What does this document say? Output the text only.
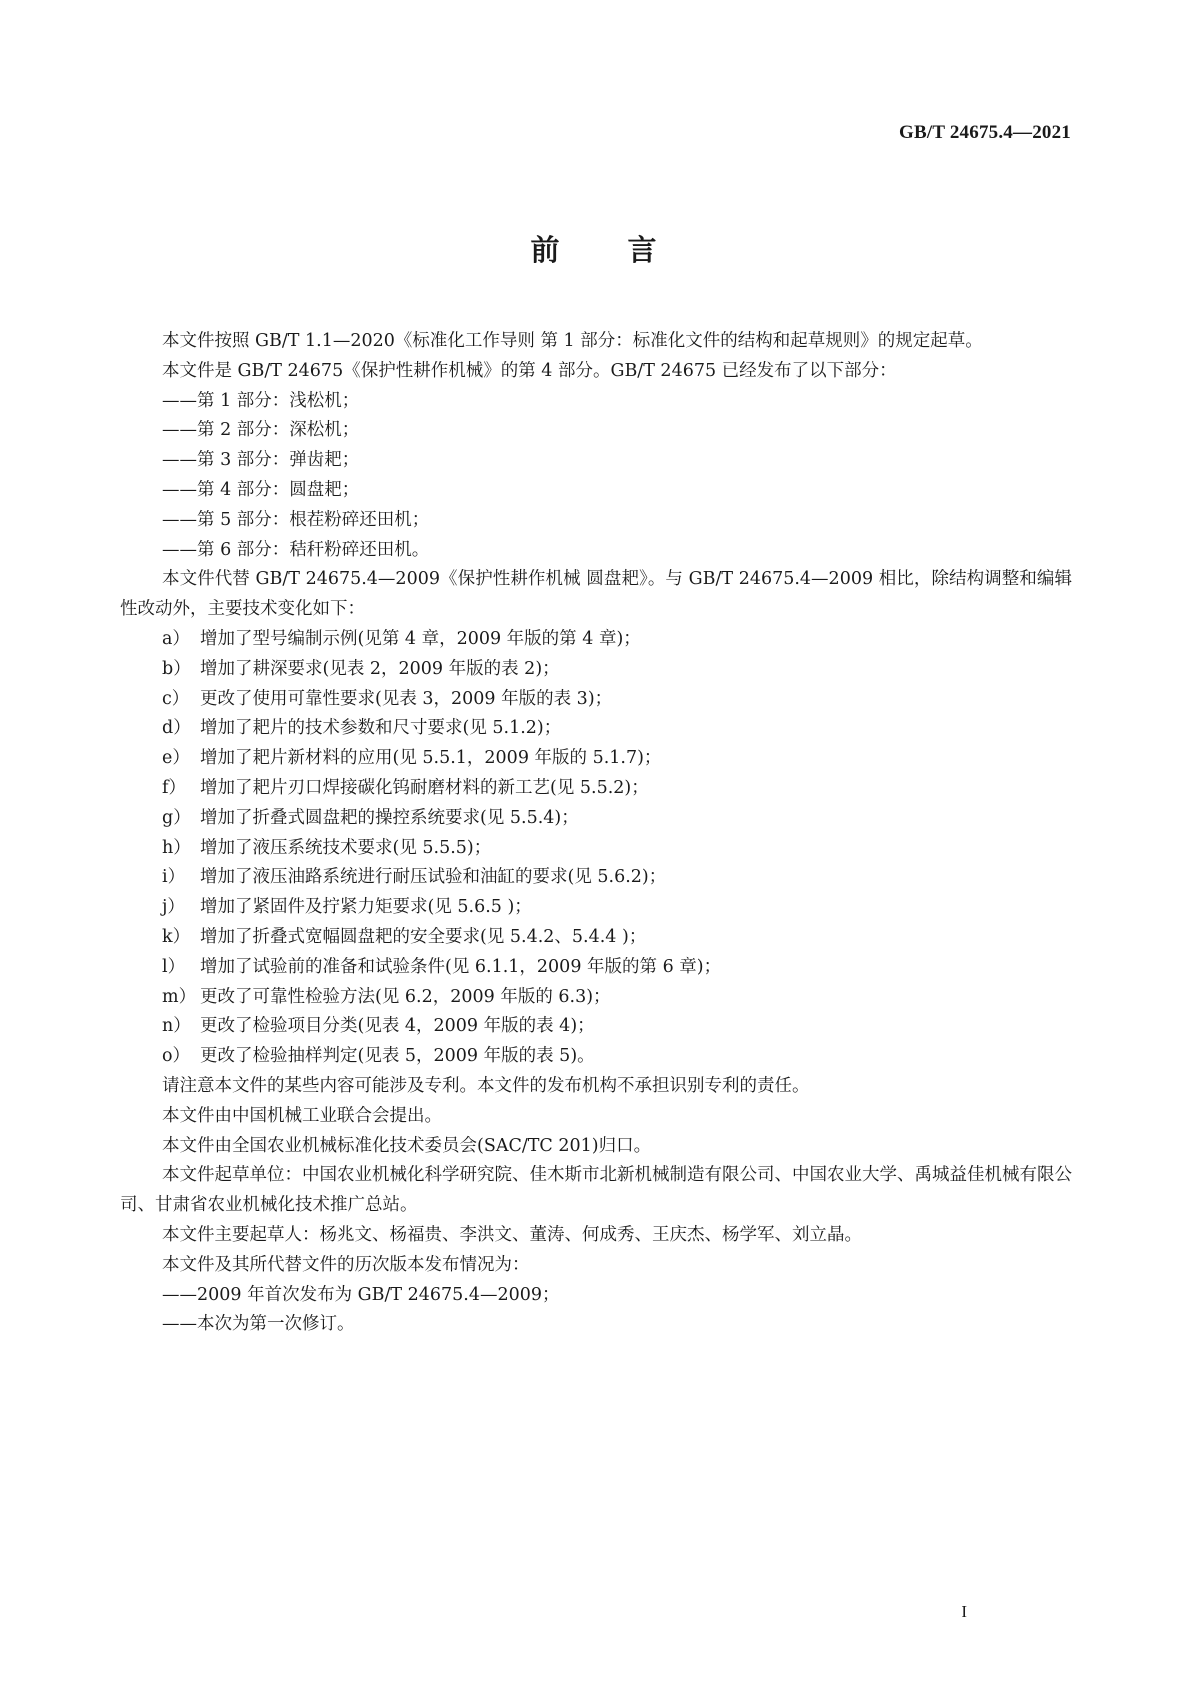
GB/T 24675.4—2021
前 言

本文件按照 GB/T 1.1—2020《标准化工作导则 第 1 部分：标准化文件的结构和起草规则》的规定起草。

本文件是 GB/T 24675《保护性耕作机械》的第 4 部分。GB/T 24675 已经发布了以下部分：

——第 1 部分：浅松机；

——第 2 部分：深松机；

——第 3 部分：弹齿耙；

——第 4 部分：圆盘耙；

——第 5 部分：根茬粉碎还田机；

——第 6 部分：秸秆粉碎还田机。

本文件代替 GB/T 24675.4—2009《保护性耕作机械 圆盘耙》。与 GB/T 24675.4—2009 相比，除结构调整和编辑性改动外，主要技术变化如下：

a） 增加了型号编制示例(见第 4 章，2009 年版的第 4 章)；
b） 增加了耕深要求(见表 2，2009 年版的表 2)；
c） 更改了使用可靠性要求(见表 3，2009 年版的表 3)；
d） 增加了耙片的技术参数和尺寸要求(见 5.1.2)；
e） 增加了耙片新材料的应用(见 5.5.1，2009 年版的 5.1.7)；
f） 增加了耙片刃口焊接碳化钨耐磨材料的新工艺(见 5.5.2)；
g） 增加了折叠式圆盘耙的操控系统要求(见 5.5.4)；
h） 增加了液压系统技术要求(见 5.5.5)；
i） 增加了液压油路系统进行耐压试验和油缸的要求(见 5.6.2)；
j） 增加了紧固件及拧紧力矩要求(见 5.6.5 )；
k） 增加了折叠式宽幅圆盘耙的安全要求(见 5.4.2、5.4.4 )；
l） 增加了试验前的准备和试验条件(见 6.1.1，2009 年版的第 6 章)；
m） 更改了可靠性检验方法(见 6.2，2009 年版的 6.3)；
n） 更改了检验项目分类(见表 4，2009 年版的表 4)；
o） 更改了检验抽样判定(见表 5，2009 年版的表 5)。

请注意本文件的某些内容可能涉及专利。本文件的发布机构不承担识别专利的责任。

本文件由中国机械工业联合会提出。

本文件由全国农业机械标准化技术委员会(SAC/TC 201)归口。

本文件起草单位：中国农业机械化科学研究院、佳木斯市北新机械制造有限公司、中国农业大学、禹城益佳机械有限公司、甘肃省农业机械化技术推广总站。

本文件主要起草人：杨兆文、杨福贵、李洪文、董涛、何成秀、王庆杰、杨学军、刘立晶。

本文件及其所代替文件的历次版本发布情况为：

——2009 年首次发布为 GB/T 24675.4—2009；

——本次为第一次修订。

I
